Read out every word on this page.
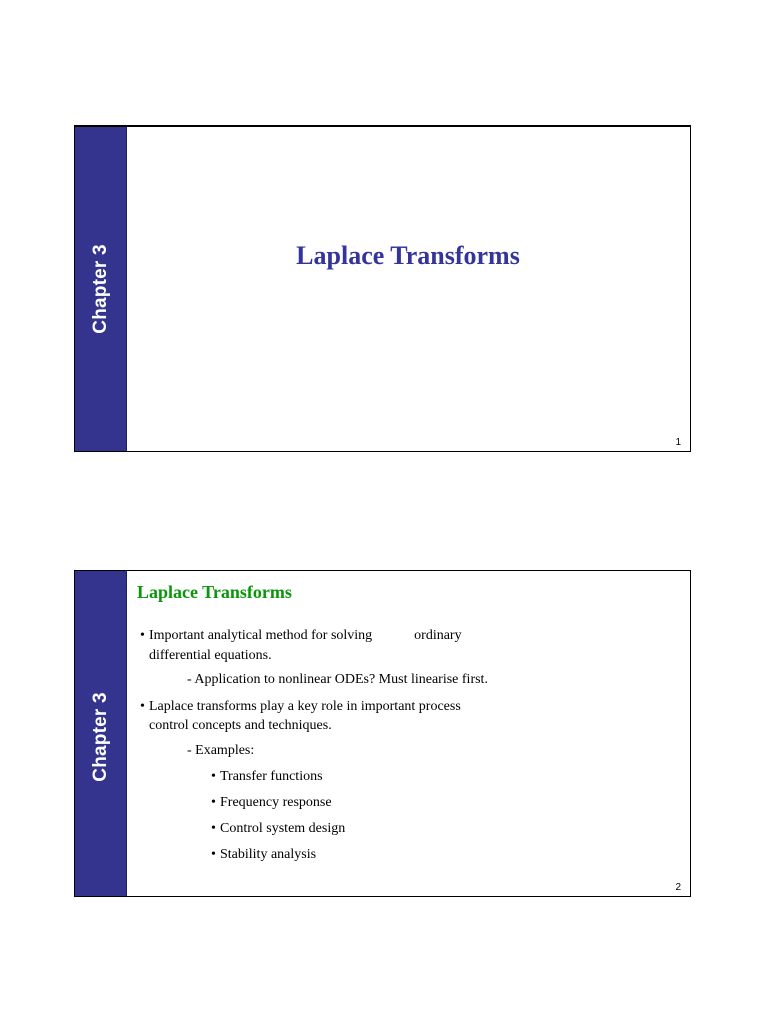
Chapter 3	Laplace Transforms
1
Chapter 3
Laplace Transforms
• Important analytical method for solving            ordinary
differential equations.
- Application to nonlinear ODEs? Must linearise first.
• Laplace transforms play a key role in important process
control concepts and techniques.
- Examples:
• Transfer functions
• Frequency response
• Control system design
• Stability analysis
2
